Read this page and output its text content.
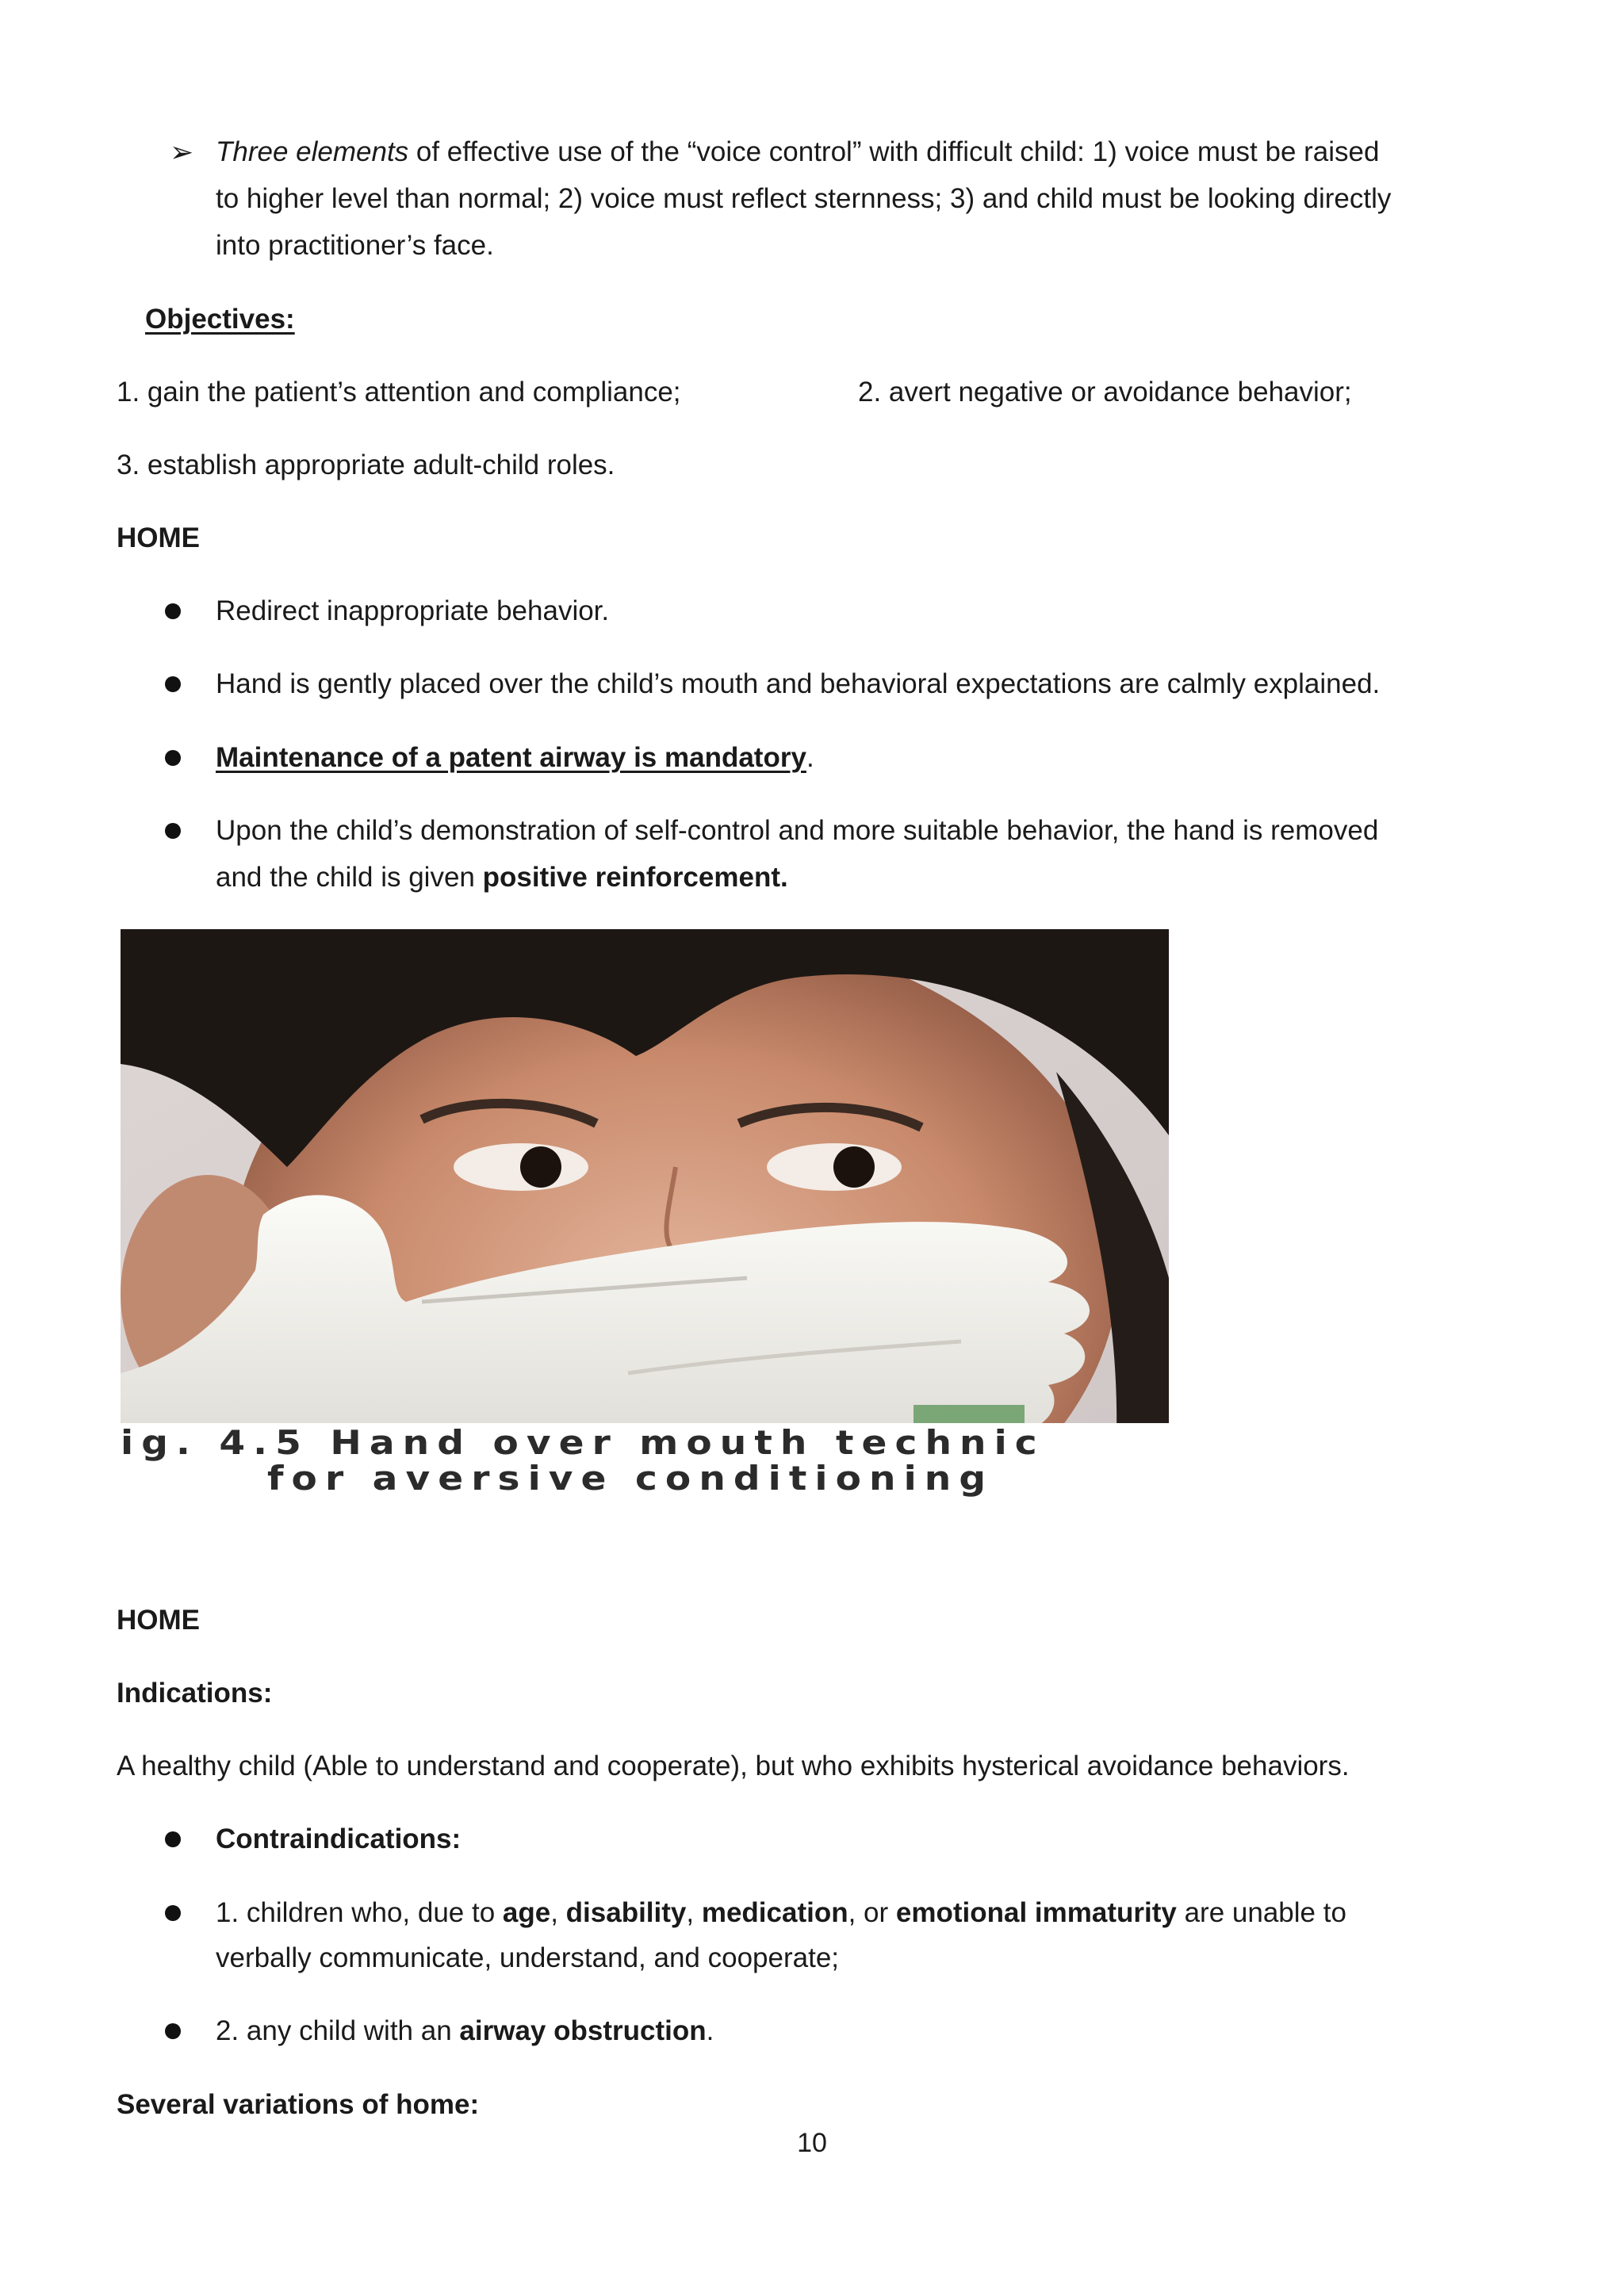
➢ Three elements of effective use of the “voice control” with difficult child: 1) voice must be raised
to higher level than normal; 2) voice must reflect sternness; 3) and child must be looking directly
into practitioner’s face.
Objectives:
1. gain the patient’s attention and compliance;	2. avert negative or avoidance behavior;
3. establish appropriate adult-child roles.
HOME
Redirect inappropriate behavior.
Hand is gently placed over the child’s mouth and behavioral expectations are calmly explained.
Maintenance of a patent airway is mandatory.
Upon the child’s demonstration of self-control and more suitable behavior, the hand is removed
and the child is given positive reinforcement.
ig. 4.5 Hand over mouth technic
for aversive conditioning
HOME
Indications:
A healthy child (Able to understand and cooperate), but who exhibits hysterical avoidance behaviors.
Contraindications:
1. children who, due to age, disability, medication, or emotional immaturity are unable to
verbally communicate, understand, and cooperate;
2. any child with an airway obstruction.
Several variations of home:
10
